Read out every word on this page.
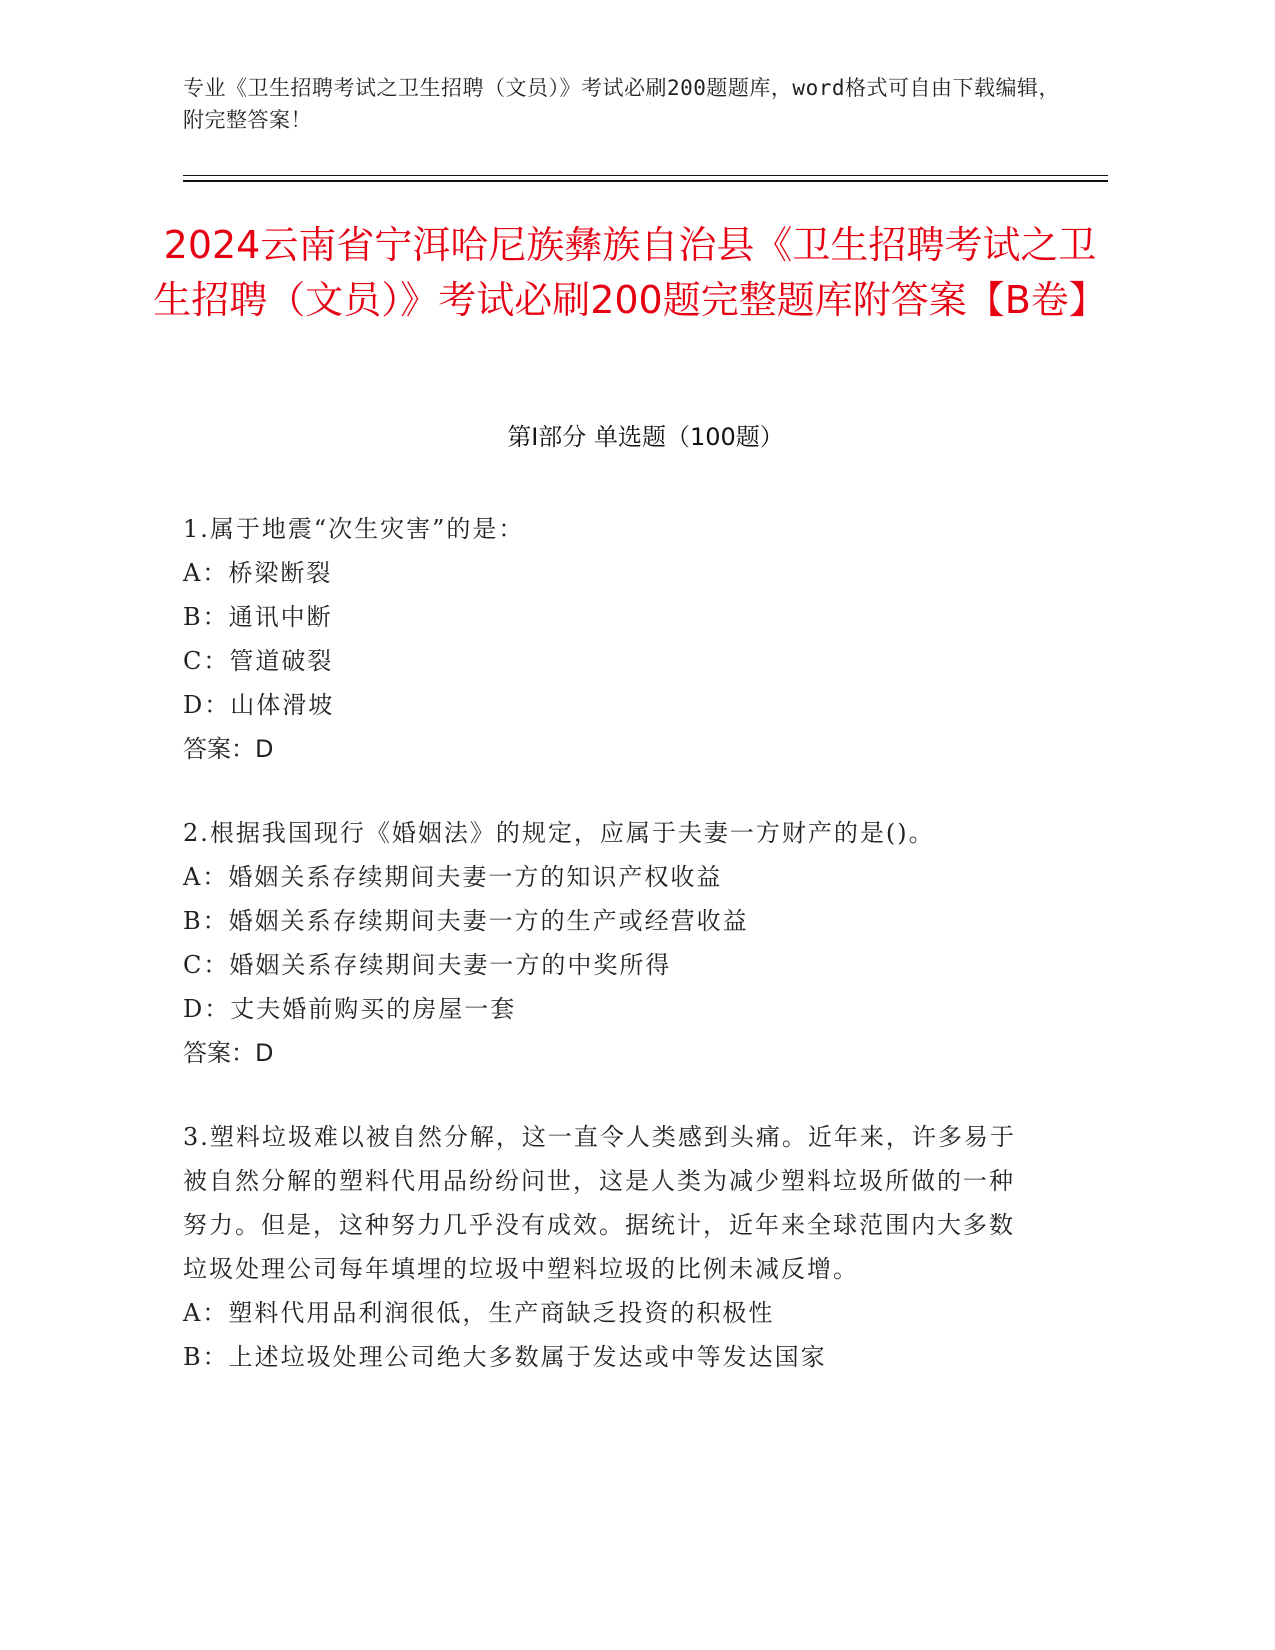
专业《卫生招聘考试之卫生招聘（文员）》考试必刷200题题库，word格式可自由下载编辑，附完整答案！
2024云南省宁洱哈尼族彝族自治县《卫生招聘考试之卫生招聘（文员）》考试必刷200题完整题库附答案【B卷】
第Ⅰ部分 单选题（100题）

1.属于地震“次生灾害”的是：

A：桥梁断裂

B：通讯中断

C：管道破裂

D：山体滑坡

答案：D

2.根据我国现行《婚姻法》的规定，应属于夫妻一方财产的是()。

A：婚姻关系存续期间夫妻一方的知识产权收益

B：婚姻关系存续期间夫妻一方的生产或经营收益

C：婚姻关系存续期间夫妻一方的中奖所得

D：丈夫婚前购买的房屋一套

答案：D

3.塑料垃圾难以被自然分解，这一直令人类感到头痛。近年来，许多易于被自然分解的塑料代用品纷纷问世，这是人类为减少塑料垃圾所做的一种努力。但是，这种努力几乎没有成效。据统计，近年来全球范围内大多数垃圾处理公司每年填埋的垃圾中塑料垃圾的比例未减反增。

A：塑料代用品利润很低，生产商缺乏投资的积极性

B：上述垃圾处理公司绝大多数属于发达或中等发达国家
